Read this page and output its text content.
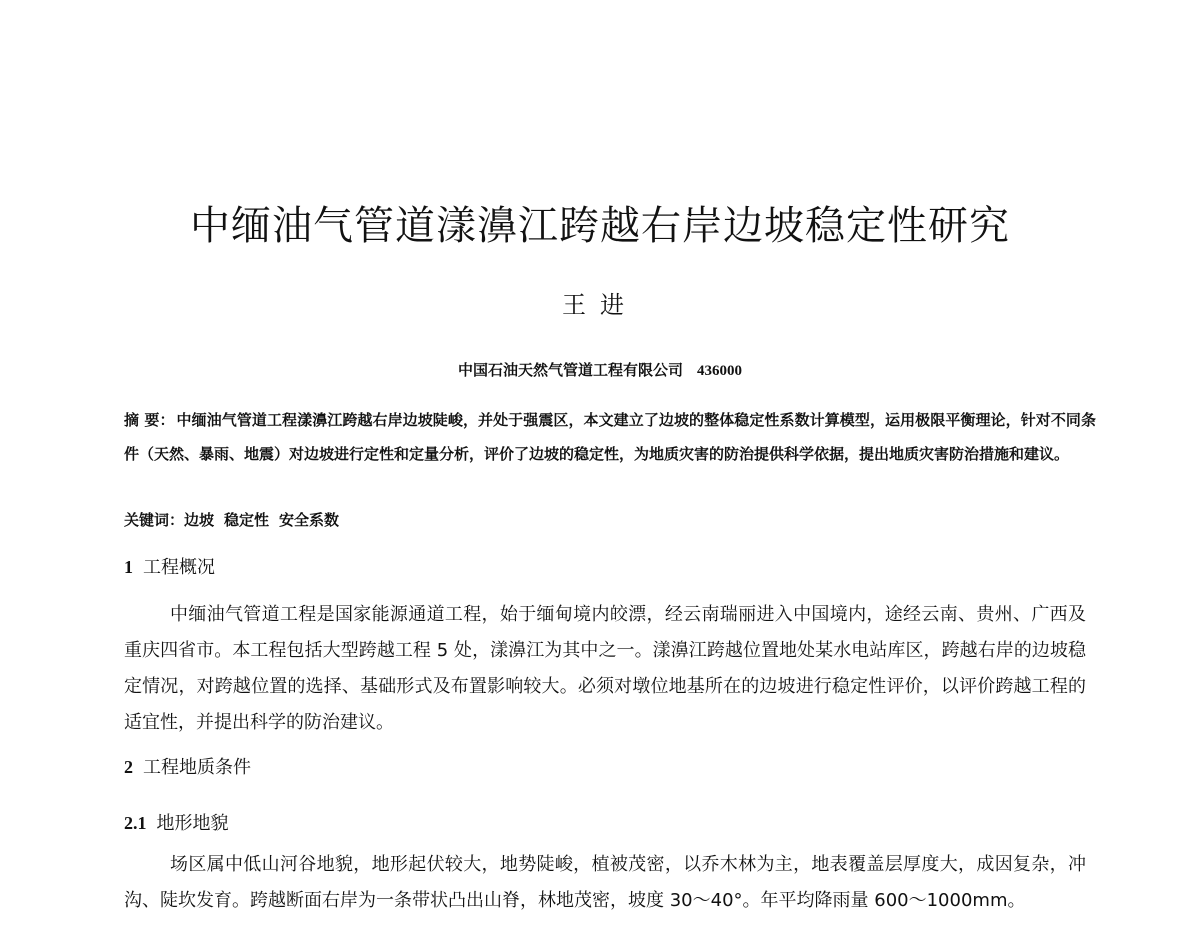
中缅油气管道漾濞江跨越右岸边坡稳定性研究
王进
中国石油天然气管道工程有限公司 436000
摘 要： 中缅油气管道工程漾濞江跨越右岸边坡陡峻，并处于强震区，本文建立了边坡的整体稳定性系数计算模型，运用极限平衡理论，针对不同条件（天然、暴雨、地震）对边坡进行定性和定量分析，评价了边坡的稳定性，为地质灾害的防治提供科学依据，提出地质灾害防治措施和建议。
关键词：边坡 稳定性 安全系数
1 工程概况

中缅油气管道工程是国家能源通道工程，始于缅甸境内皎漂，经云南瑞丽进入中国境内，途经云南、贵州、广西及重庆四省市。本工程包括大型跨越工程 5 处，漾濞江为其中之一。漾濞江跨越位置地处某水电站库区，跨越右岸的边坡稳定情况，对跨越位置的选择、基础形式及布置影响较大。必须对墩位地基所在的边坡进行稳定性评价，以评价跨越工程的适宜性，并提出科学的防治建议。

2 工程地质条件
2.1 地形地貌

场区属中低山河谷地貌，地形起伏较大，地势陡峻，植被茂密，以乔木林为主，地表覆盖层厚度大，成因复杂，冲沟、陡坎发育。跨越断面右岸为一条带状凸出山脊，林地茂密，坡度 30～40°。年平均降雨量 600～1000mm。
